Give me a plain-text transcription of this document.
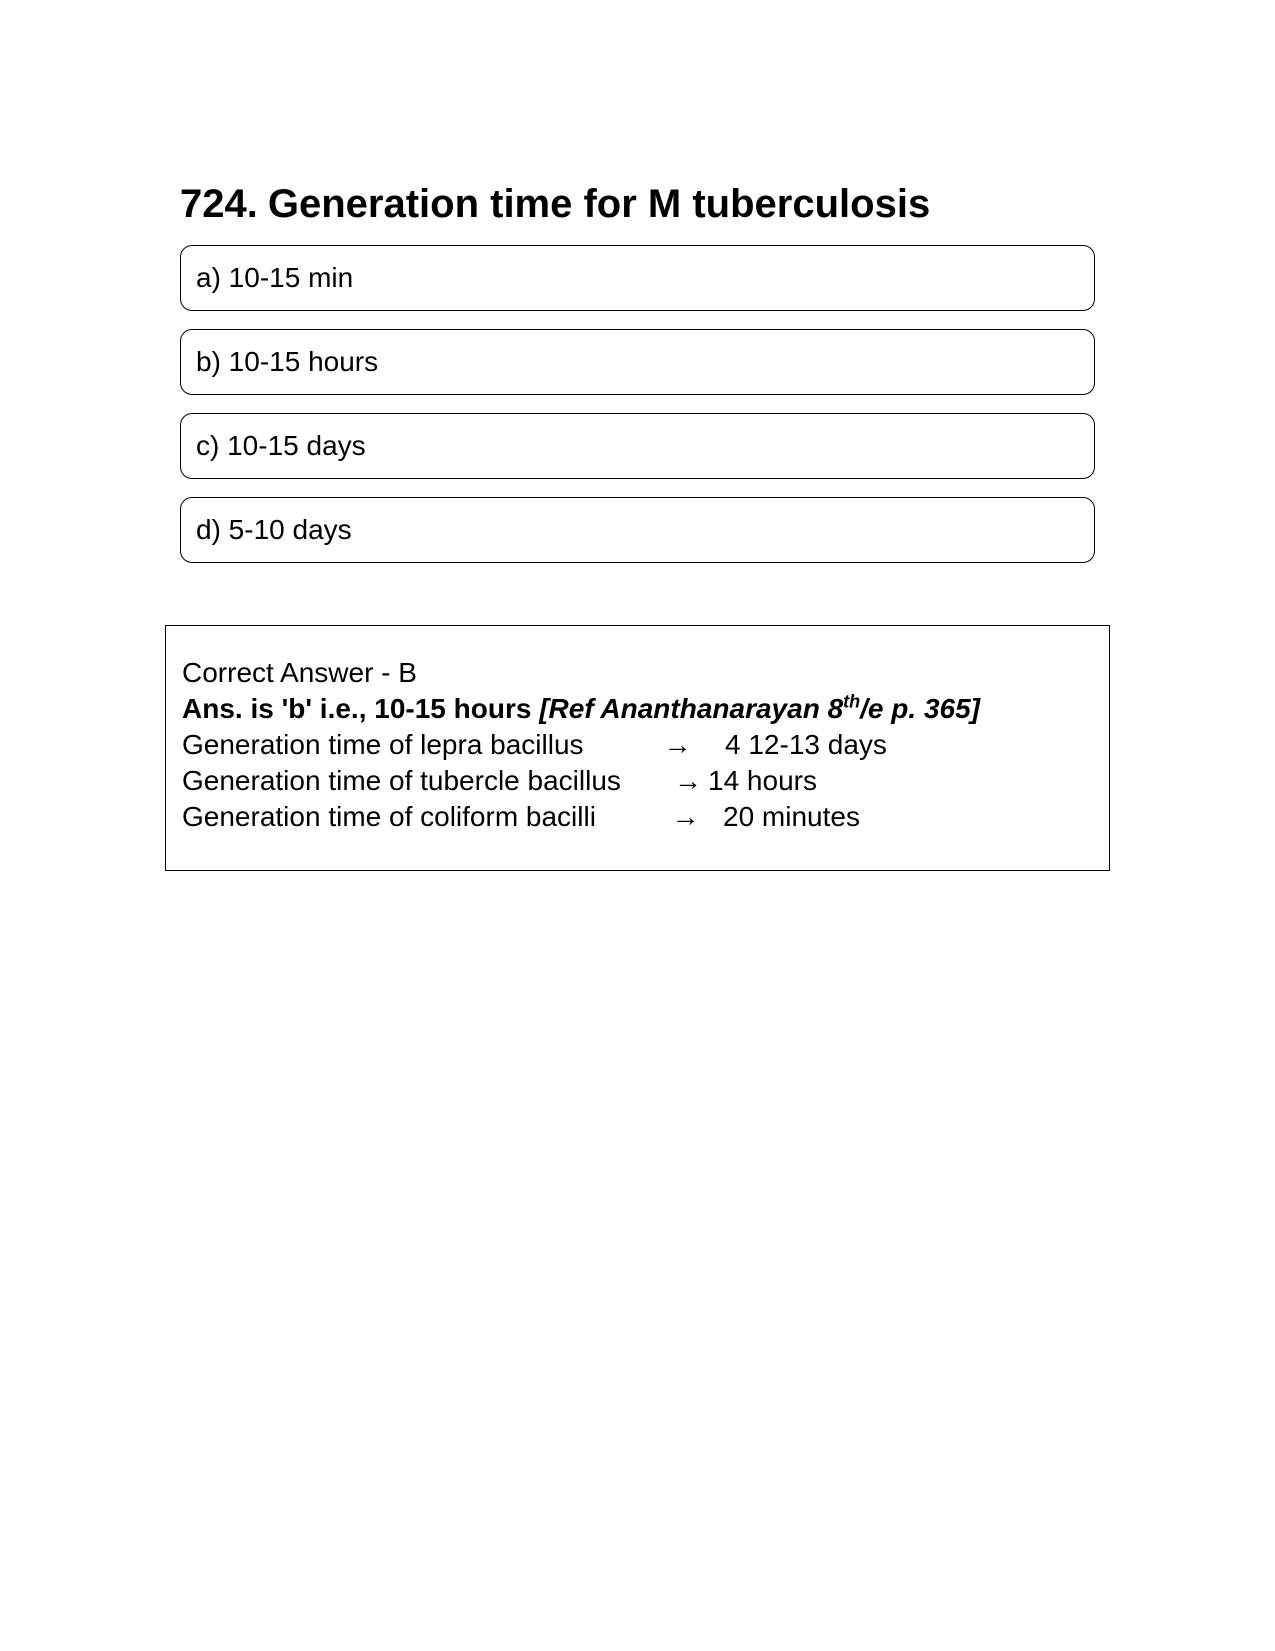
724. Generation time for M tuberculosis
a) 10-15 min
b) 10-15 hours
c) 10-15 days
d) 5-10 days
Correct Answer - B
Ans. is 'b' i.e., 10-15 hours [Ref Ananthanarayan 8th/e p. 365]
Generation time of lepra bacillus	→ 4 12-13 days
Generation time of tubercle bacillus → 14 hours
Generation time of coliform bacilli	→ 20 minutes
